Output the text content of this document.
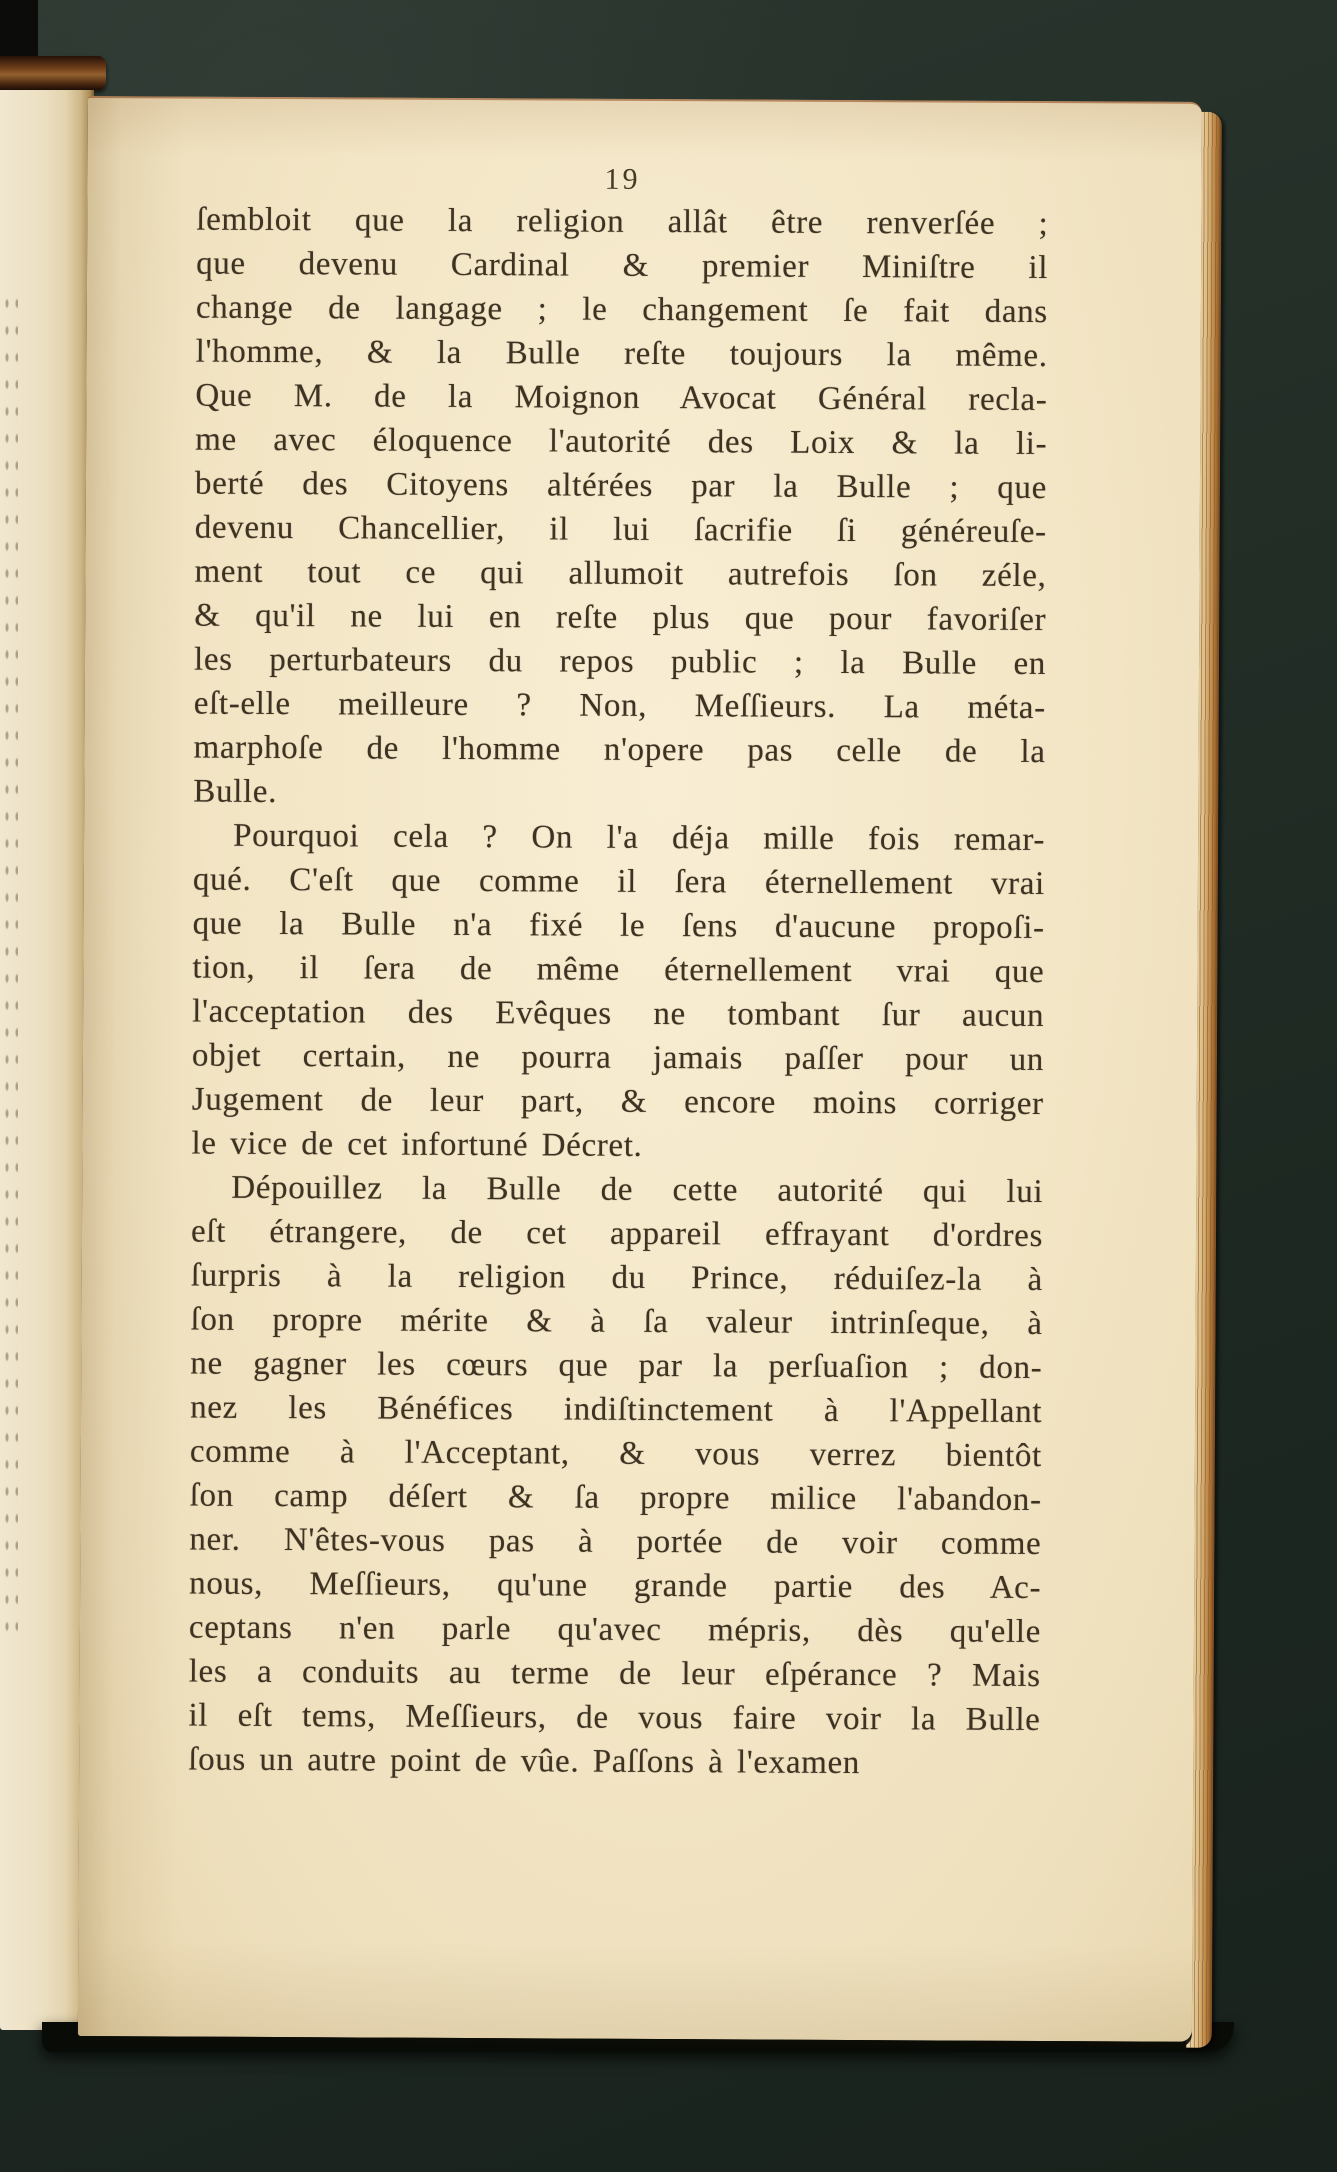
19
ſembloit que la religion allât être renverſée ;
que devenu Cardinal & premier Miniſtre il
change de langage ; le changement ſe fait dans
l'homme, & la Bulle reſte toujours la même.
Que M. de la Moignon Avocat Général recla-
me avec éloquence l'autorité des Loix & la li-
berté des Citoyens altérées par la Bulle ; que
devenu Chancellier, il lui ſacrifie ſi généreuſe-
ment tout ce qui allumoit autrefois ſon zéle,
& qu'il ne lui en reſte plus que pour favoriſer
les perturbateurs du repos public ; la Bulle en
eſt-elle meilleure ? Non, Meſſieurs. La méta-
marphoſe de l'homme n'opere pas celle de la
Bulle.
Pourquoi cela ? On l'a déja mille fois remar-
qué. C'eſt que comme il ſera éternellement vrai
que la Bulle n'a fixé le ſens d'aucune propoſi-
tion, il ſera de même éternellement vrai que
l'acceptation des Evêques ne tombant ſur aucun
objet certain, ne pourra jamais paſſer pour un
Jugement de leur part, & encore moins corriger
le vice de cet infortuné Décret.
Dépouillez la Bulle de cette autorité qui lui
eſt étrangere, de cet appareil effrayant d'ordres
ſurpris à la religion du Prince, réduiſez-la à
ſon propre mérite & à ſa valeur intrinſeque, à
ne gagner les cœurs que par la perſuaſion ; don-
nez les Bénéfices indiſtinctement à l'Appellant
comme à l'Acceptant, & vous verrez bientôt
ſon camp déſert & ſa propre milice l'abandon-
ner. N'êtes-vous pas à portée de voir comme
nous, Meſſieurs, qu'une grande partie des Ac-
ceptans n'en parle qu'avec mépris, dès qu'elle
les a conduits au terme de leur eſpérance ? Mais
il eſt tems, Meſſieurs, de vous faire voir la Bulle
ſous un autre point de vûe. Paſſons à l'examen
